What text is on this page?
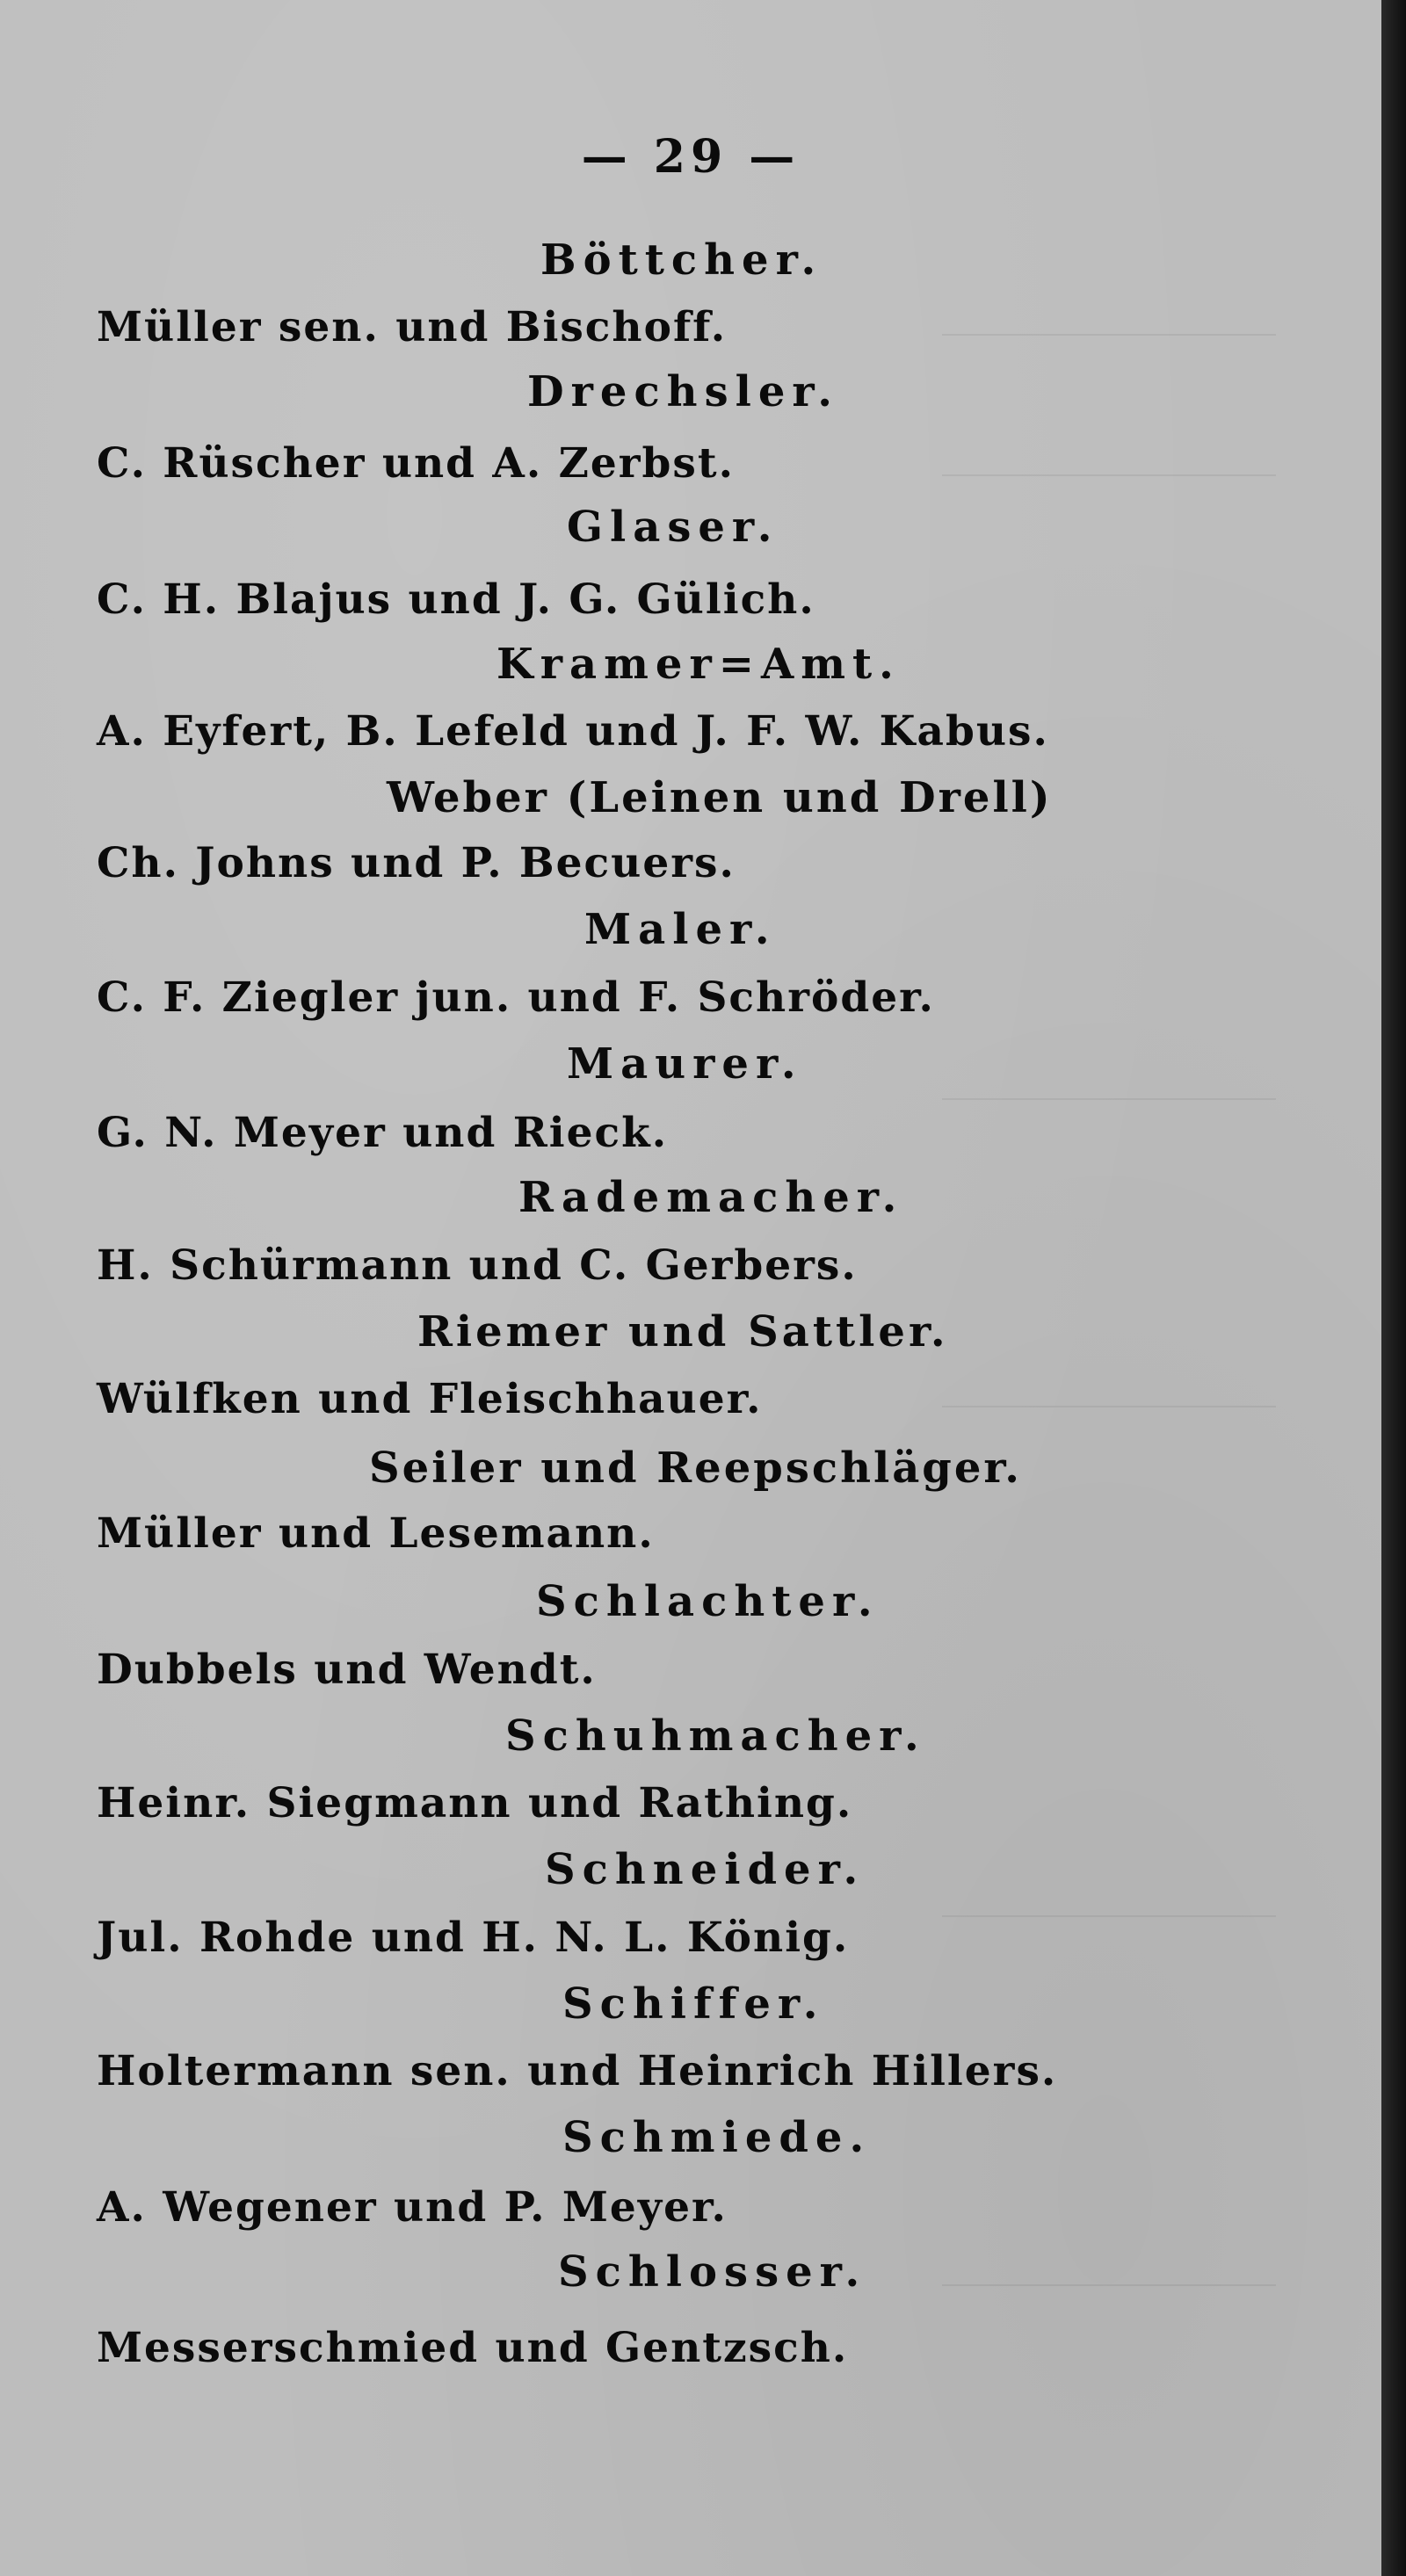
— 29 —
Böttcher.
Müller sen. und Bischoff.
Drechsler.
C. Rüscher und A. Zerbst.
Glaser.
C. H. Blajus und J. G. Gülich.
Kramer=Amt.
A. Eyfert, B. Lefeld und J. F. W. Kabus.
Weber (Leinen und Drell)
Ch. Johns und P. Becuers.
Maler.
C. F. Ziegler jun. und F. Schröder.
Maurer.
G. N. Meyer und Rieck.
Rademacher.
H. Schürmann und C. Gerbers.
Riemer und Sattler.
Wülfken und Fleischhauer.
Seiler und Reepschläger.
Müller und Lesemann.
Schlachter.
Dubbels und Wendt.
Schuhmacher.
Heinr. Siegmann und Rathing.
Schneider.
Jul. Rohde und H. N. L. König.
Schiffer.
Holtermann sen. und Heinrich Hillers.
Schmiede.
A. Wegener und P. Meyer.
Schlosser.
Messerschmied und Gentzsch.
